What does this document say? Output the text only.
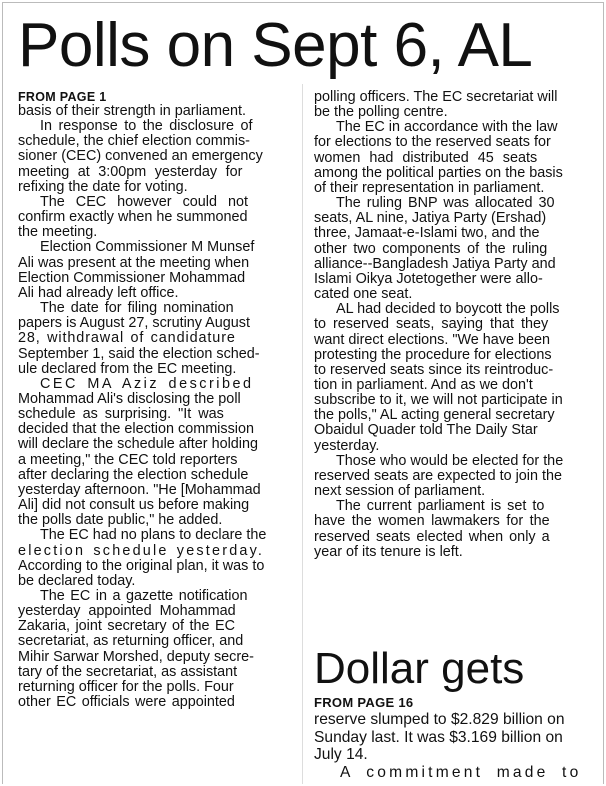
Polls on Sept 6, AL
FROM PAGE 1
basis of their strength in parliament.
In response to the disclosure of
schedule, the chief election commis-
sioner (CEC) convened an emergency
meeting at 3:00pm yesterday for
refixing the date for voting.
The CEC however could not
confirm exactly when he summoned
the meeting.
Election Commissioner M Munsef
Ali was present at the meeting when
Election Commissioner Mohammad
Ali had already left office.
The date for filing nomination
papers is August 27, scrutiny August
28, withdrawal of candidature
September 1, said the election sched-
ule declared from the EC meeting.
CEC MA Aziz described
Mohammad Ali's disclosing the poll
schedule as surprising. "It was
decided that the election commission
will declare the schedule after holding
a meeting," the CEC told reporters
after declaring the election schedule
yesterday afternoon. "He [Mohammad
Ali] did not consult us before making
the polls date public," he added.
The EC had no plans to declare the
election schedule yesterday.
According to the original plan, it was to
be declared today.
The EC in a gazette notification
yesterday appointed Mohammad
Zakaria, joint secretary of the EC
secretariat, as returning officer, and
Mihir Sarwar Morshed, deputy secre-
tary of the secretariat, as assistant
returning officer for the polls. Four
other EC officials were appointed
polling officers. The EC secretariat will
be the polling centre.
The EC in accordance with the law
for elections to the reserved seats for
women had distributed 45 seats
among the political parties on the basis
of their representation in parliament.
The ruling BNP was allocated 30
seats, AL nine, Jatiya Party (Ershad)
three, Jamaat-e-Islami two, and the
other two components of the ruling
alliance--Bangladesh Jatiya Party and
Islami Oikya Jotetogether were allo-
cated one seat.
AL had decided to boycott the polls
to reserved seats, saying that they
want direct elections. "We have been
protesting the procedure for elections
to reserved seats since its reintroduc-
tion in parliament. And as we don't
subscribe to it, we will not participate in
the polls," AL acting general secretary
Obaidul Quader told The Daily Star
yesterday.
Those who would be elected for the
reserved seats are expected to join the
next session of parliament.
The current parliament is set to
have the women lawmakers for the
reserved seats elected when only a
year of its tenure is left.
Dollar gets
FROM PAGE 16
reserve slumped to $2.829 billion on
Sunday last. It was $3.169 billion on
July 14.
A commitment made to
